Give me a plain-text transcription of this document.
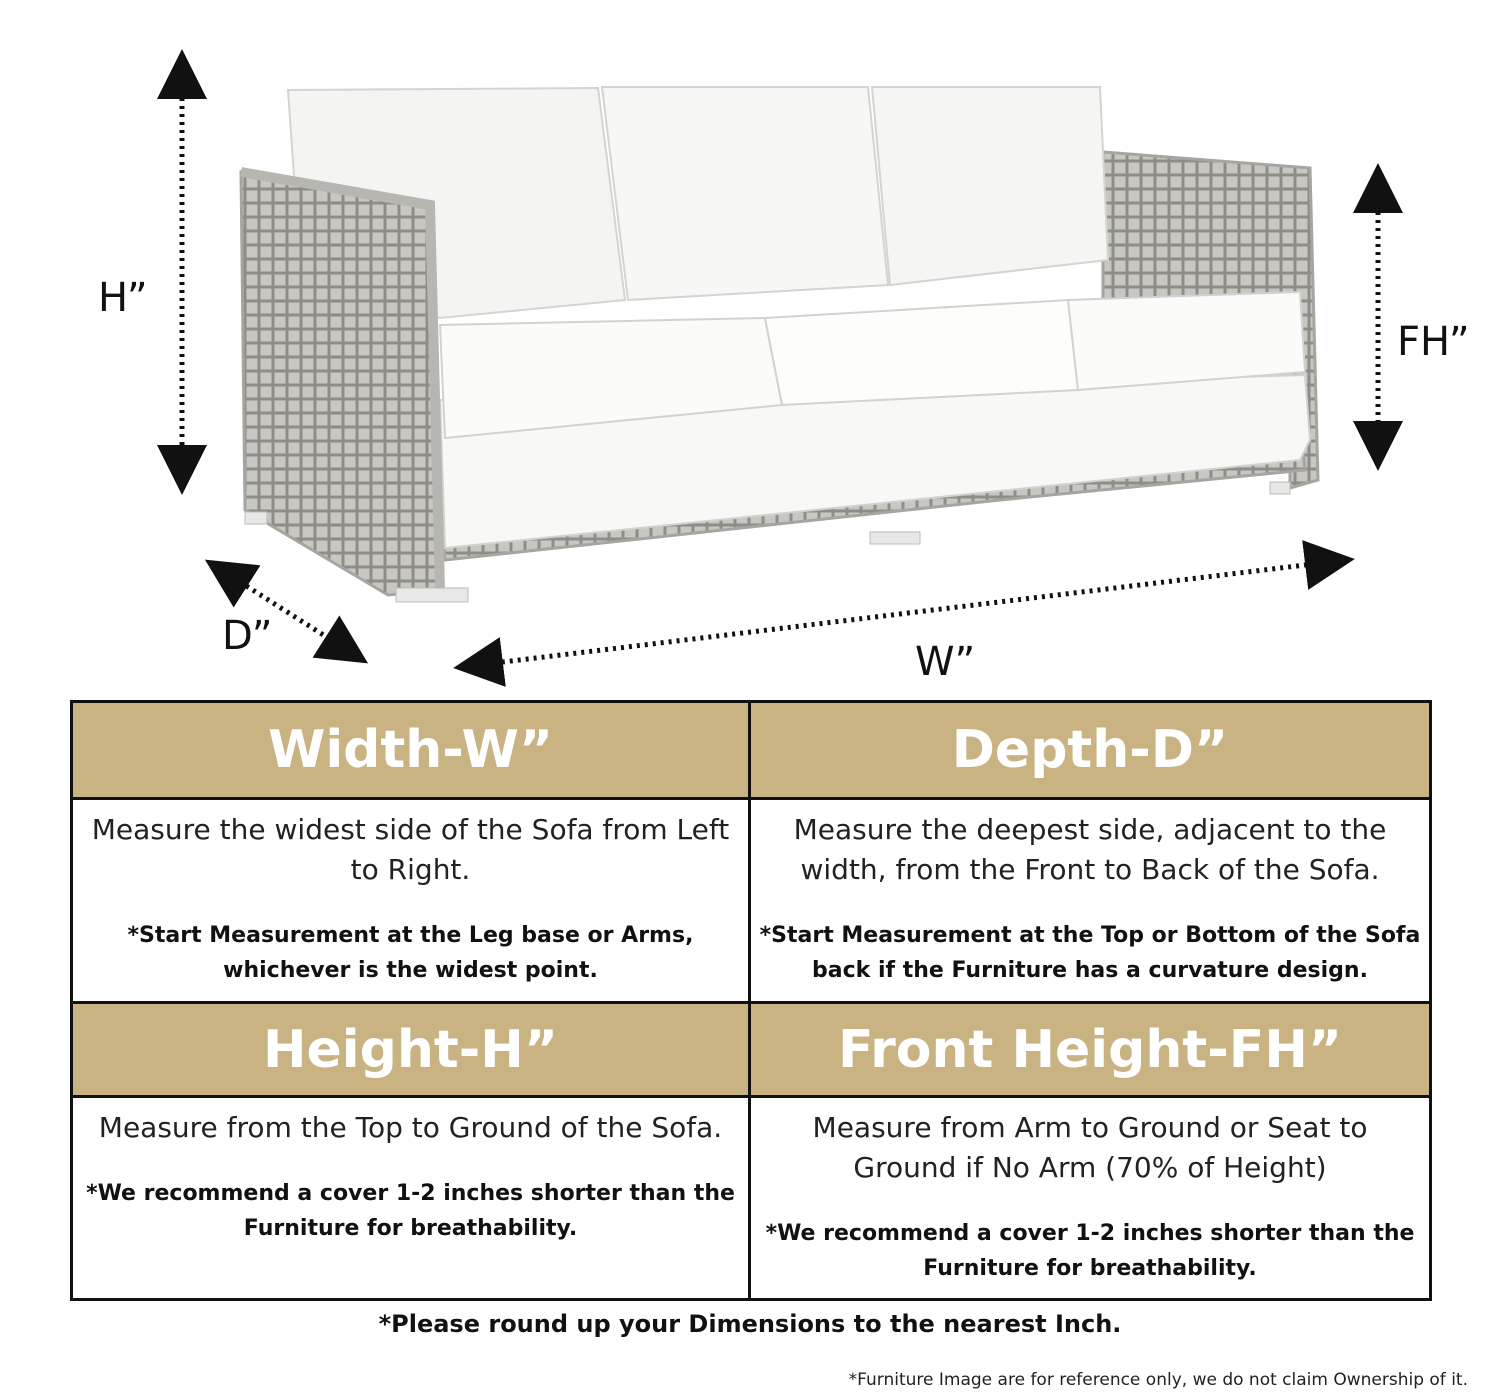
H”
FH”
D”
W”
Width-W”	Depth-D”
Measure the widest side of the Sofa from Left to Right.
*Start Measurement at the Leg base or Arms, whichever is the widest point.
Measure the deepest side, adjacent to the width, from the Front to Back of the Sofa.
*Start Measurement at the Top or Bottom of the Sofa back if the Furniture has a curvature design.
Height-H”	Front Height-FH”
Measure from the Top to Ground of the Sofa.
*We recommend a cover 1-2 inches shorter than the Furniture for breathability.
Measure from Arm to Ground or Seat to Ground if No Arm (70% of Height)
*We recommend a cover 1-2 inches shorter than the Furniture for breathability.
*Please round up your Dimensions to the nearest Inch.
*Furniture Image are for reference only, we do not claim Ownership of it.
